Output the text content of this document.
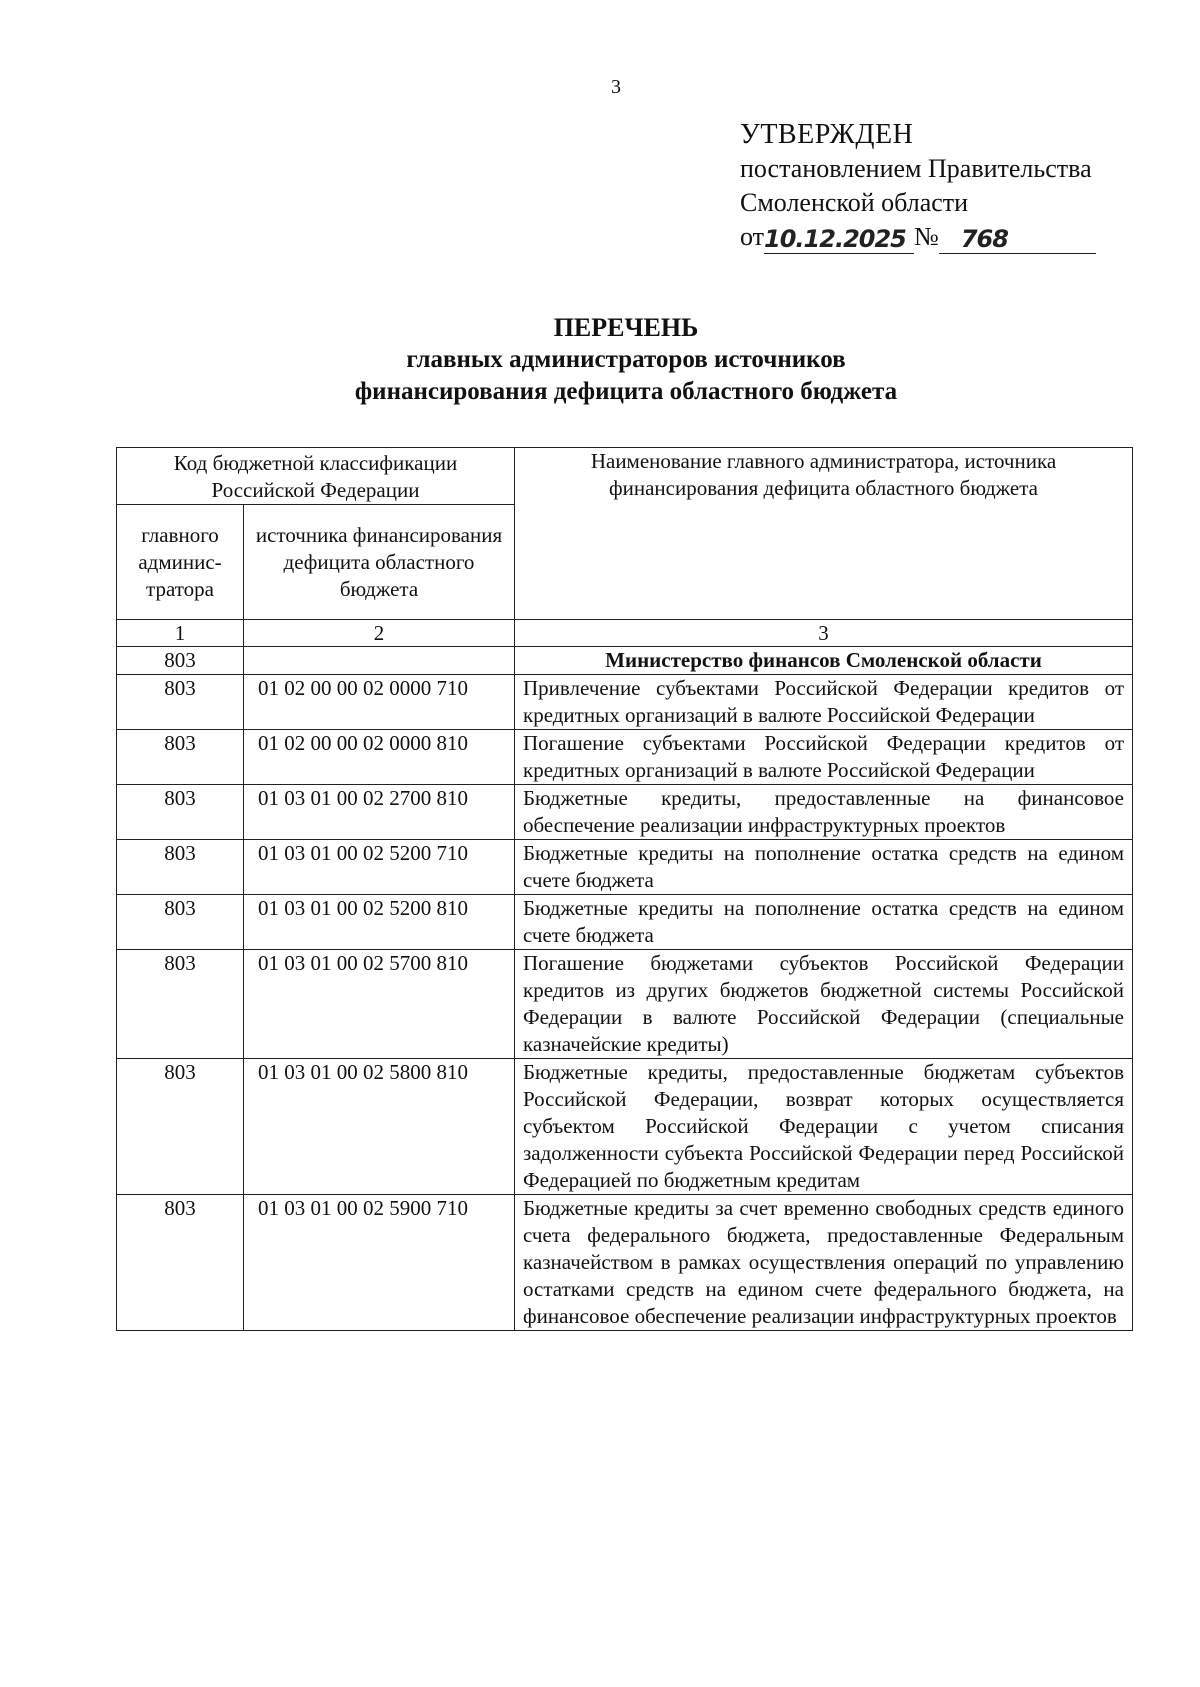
3
УТВЕРЖДЕН
постановлением Правительства
Смоленской области
от 10.12.2025 № 768
ПЕРЕЧЕНЬ
главных администраторов источников
финансирования дефицита областного бюджета
Код бюджетной классификации Российской Федерации		Наименование главного администратора, источника финансирования дефицита областного бюджета
главного админис-тратора	источника финансирования дефицита областного бюджета	
1	2	3
803		Министерство финансов Смоленской области
803	01 02 00 00 02 0000 710	Привлечение субъектами Российской Федерации кредитов от кредитных организаций в валюте Российской Федерации
803	01 02 00 00 02 0000 810	Погашение субъектами Российской Федерации кредитов от кредитных организаций в валюте Российской Федерации
803	01 03 01 00 02 2700 810	Бюджетные кредиты, предоставленные на финансовое обеспечение реализации инфраструктурных проектов
803	01 03 01 00 02 5200 710	Бюджетные кредиты на пополнение остатка средств на едином счете бюджета
803	01 03 01 00 02 5200 810	Бюджетные кредиты на пополнение остатка средств на едином счете бюджета
803	01 03 01 00 02 5700 810	Погашение бюджетами субъектов Российской Федерации кредитов из других бюджетов бюджетной системы Российской Федерации в валюте Российской Федерации (специальные казначейские кредиты)
803	01 03 01 00 02 5800 810	Бюджетные кредиты, предоставленные бюджетам субъектов Российской Федерации, возврат которых осуществляется субъектом Российской Федерации с учетом списания задолженности субъекта Российской Федерации перед Российской Федерацией по бюджетным кредитам
803	01 03 01 00 02 5900 710	Бюджетные кредиты за счет временно свободных средств единого счета федерального бюджета, предоставленные Федеральным казначейством в рамках осуществления операций по управлению остатками средств на едином счете федерального бюджета, на финансовое обеспечение реализации инфраструктурных проектов
